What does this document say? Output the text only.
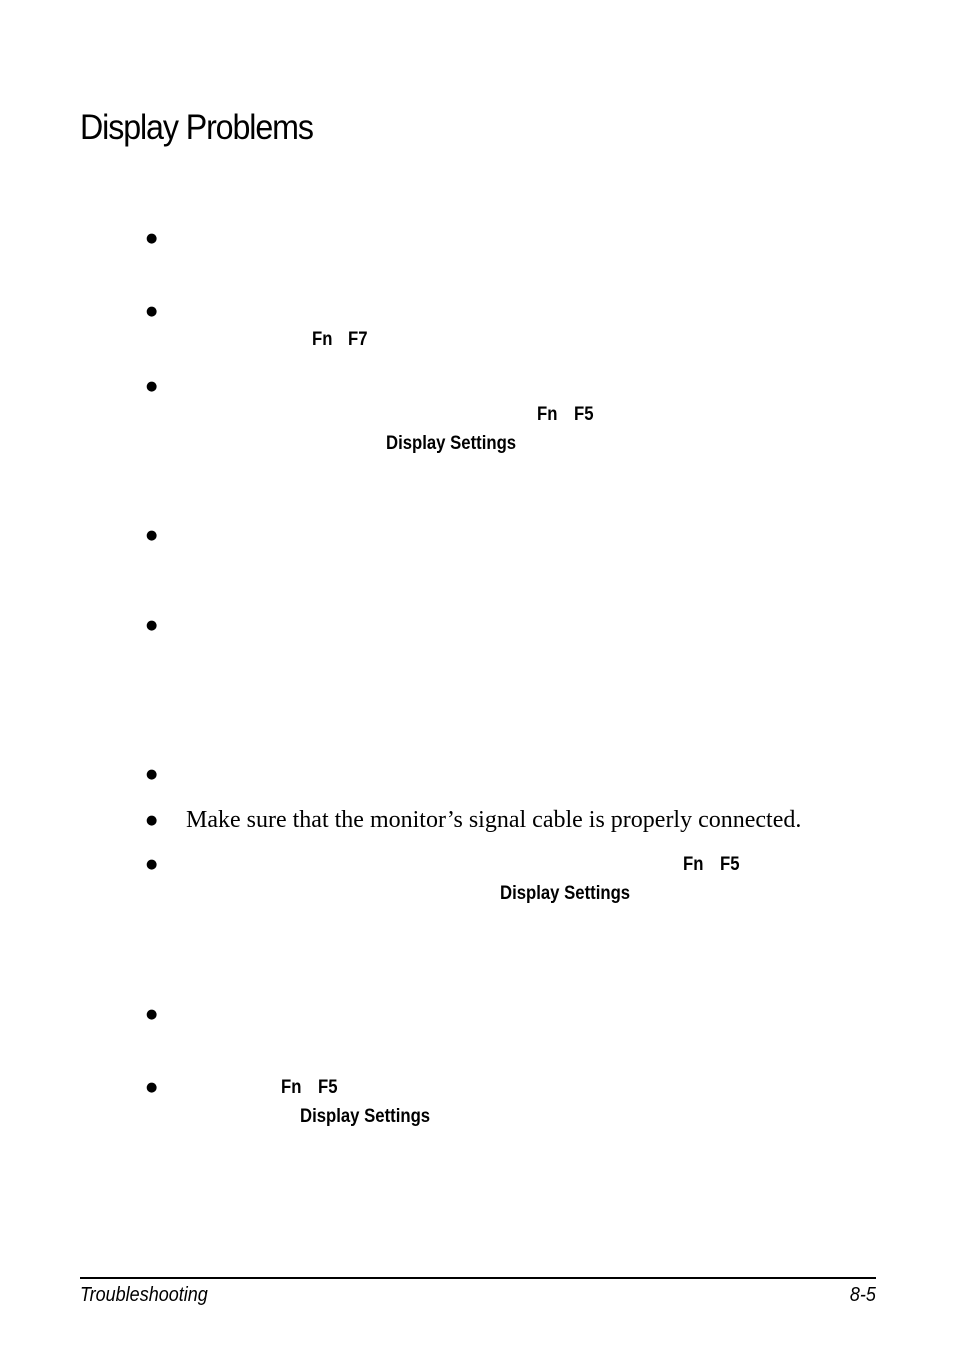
Display Problems
●
●
●
●
●
●
●
●
●
●
Fn F7
Fn F5
Display Settings

Make sure that the monitor’s signal cable is properly connected.

Fn F5
Display Settings
Fn F5
Display Settings
Troubleshooting	8-5
